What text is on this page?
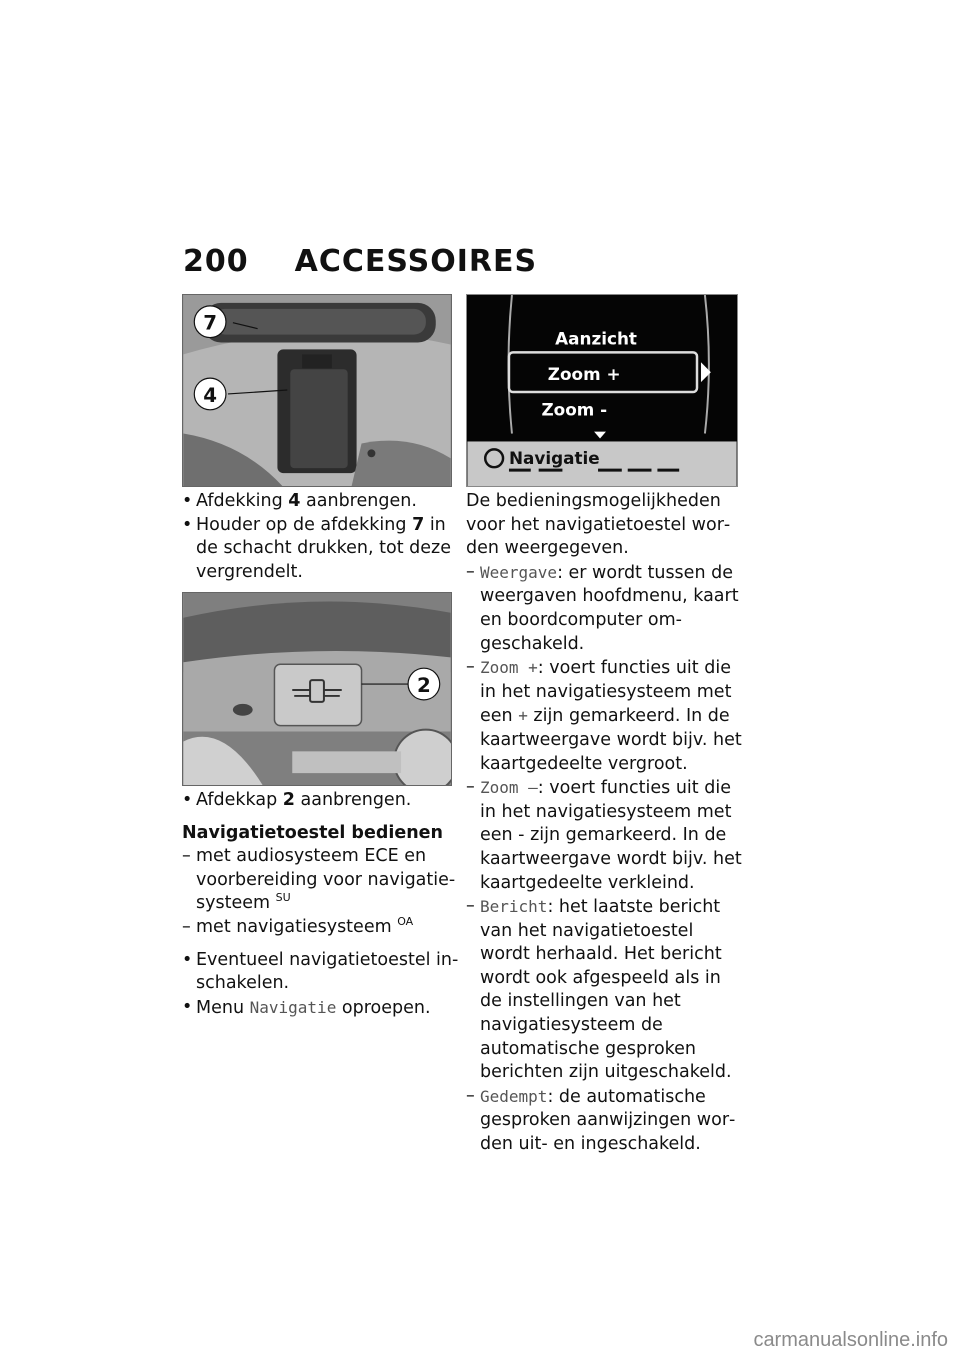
200 ACCESSOIRES
7
4
2
Aanzicht
Zoom +
Zoom -
Navigatie
• Afdekking 4 aanbrengen.
• Houder op de afdekking 7 in de schacht drukken, tot deze vergrendelt.
• Afdekkap 2 aanbrengen.
Navigatietoestel bedienen
– met audiosysteem ECE en voorbereiding voor navigatiesysteem $^{SU}$
– met navigatiesysteem $^{OA}$
• Eventueel navigatietoestel inschakelen.
• Menu Navigatie oproepen.
De bedieningsmogelijkheden voor het navigatietoestel worden weergegeven.
– Weergave: er wordt tussen de weergaven hoofdmenu, kaart en boordcomputer omgeschakeld.
– Zoom +: voert functies uit die in het navigatiesysteem met een + zijn gemarkeerd. In de kaartweergave wordt bijv. het kaartgedeelte vergroot.
– Zoom –: voert functies uit die in het navigatiesysteem met een - zijn gemarkeerd. In de kaartweergave wordt bijv. het kaartgedeelte verkleind.
– Bericht: het laatste bericht van het navigatietoestel wordt herhaald. Het bericht wordt ook afgespeeld als in de instellingen van het navigatiesysteem de automatische gesproken berichten zijn uitgeschakeld.
– Gedempt: de automatische gesproken aanwijzingen worden uit- en ingeschakeld.
carmanualsonline.info
